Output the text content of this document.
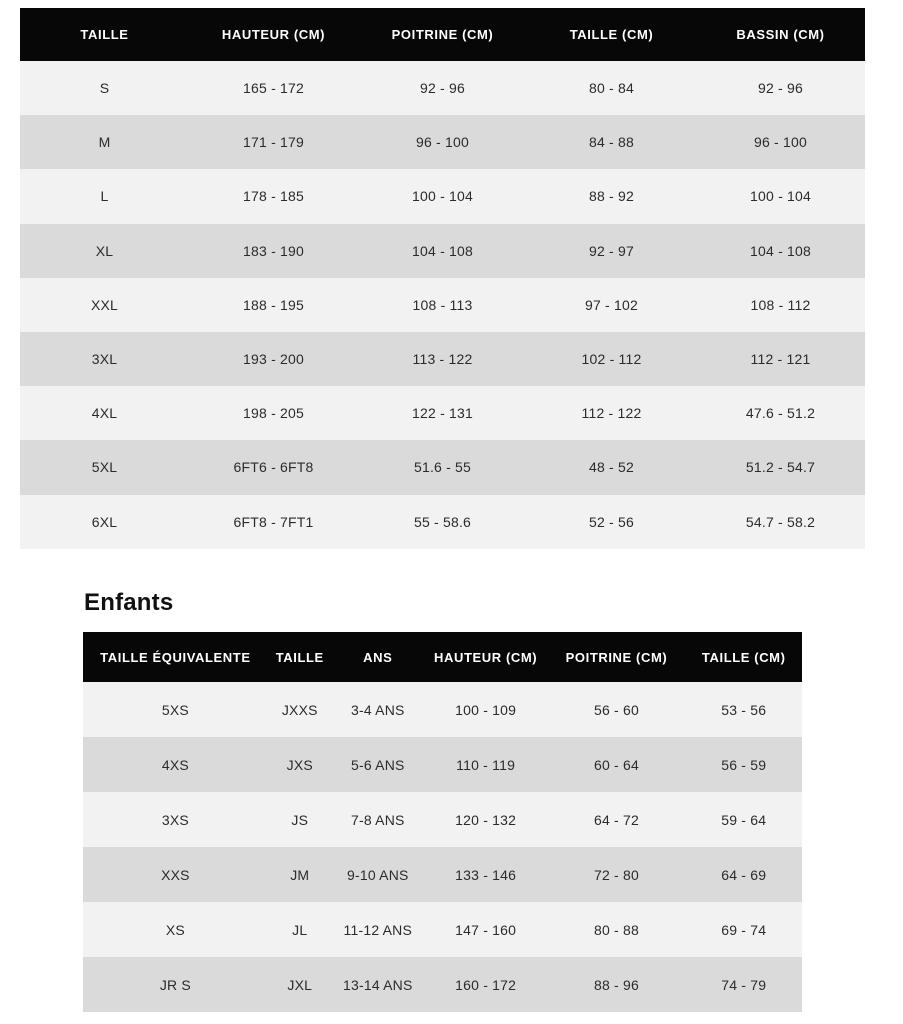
TAILLE	HAUTEUR (CM)	POITRINE (CM)	TAILLE (CM)	BASSIN (CM)
S	165 - 172	92 - 96	80 - 84	92 - 96
M	171 - 179	96 - 100	84 - 88	96 - 100
L	178 - 185	100 - 104	88 - 92	100 - 104
XL	183 - 190	104 - 108	92 - 97	104 - 108
XXL	188 - 195	108 - 113	97 - 102	108 - 112
3XL	193 - 200	113 - 122	102 - 112	112 - 121
4XL	198 - 205	122 - 131	112 - 122	47.6 - 51.2
5XL	6FT6 - 6FT8	51.6 - 55	48 - 52	51.2 - 54.7
6XL	6FT8 - 7FT1	55 - 58.6	52 - 56	54.7 - 58.2
Enfants
TAILLE ÉQUIVALENTE	TAILLE	ANS	HAUTEUR (CM)	POITRINE (CM)	TAILLE (CM)
5XS	JXXS	3-4 ANS	100 - 109	56 - 60	53 - 56
4XS	JXS	5-6 ANS	110 - 119	60 - 64	56 - 59
3XS	JS	7-8 ANS	120 - 132	64 - 72	59 - 64
XXS	JM	9-10 ANS	133 - 146	72 - 80	64 - 69
XS	JL	11-12 ANS	147 - 160	80 - 88	69 - 74
JR S	JXL	13-14 ANS	160 - 172	88 - 96	74 - 79
